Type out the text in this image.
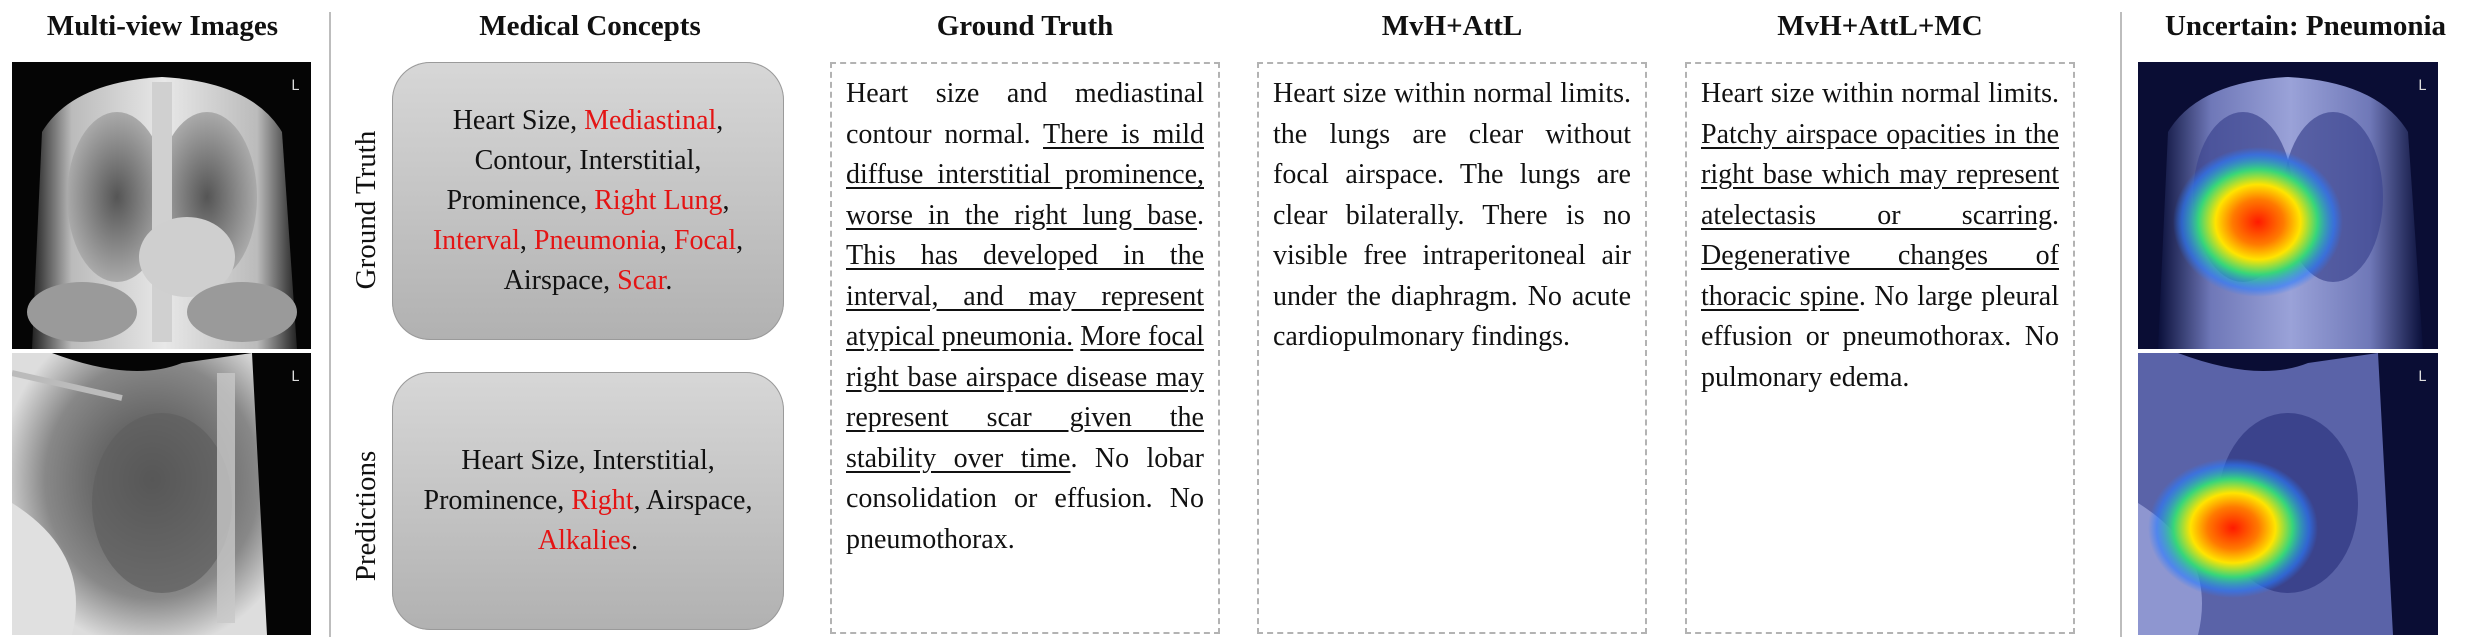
Multi-view Images	Medical Concepts	Ground Truth	MvH+AttL	MvH+AttL+MC	Uncertain: Pneumonia
L
L
Ground Truth
Predictions
Heart Size, Mediastinal, Contour, Interstitial, Prominence, Right Lung, Interval, Pneumonia, Focal, Airspace, Scar.
Heart Size, Interstitial, Prominence, Right, Airspace, Alkalies.
Heart size and mediastinal contour normal. There is mild diffuse interstitial prominence, worse in the right lung base. This has developed in the interval, and may represent atypical pneumonia. More focal right base airspace disease may represent scar given the stability over time. No lobar consolidation or effusion. No pneumothorax.
Heart size within normal limits. the lungs are clear without focal airspace. The lungs are clear bilaterally. There is no visible free intraperitoneal air under the diaphragm. No acute cardiopulmonary findings.
Heart size within normal limits. Patchy airspace opacities in the right base which may represent atelectasis or scarring. Degenerative changes of thoracic spine. No large pleural effusion or pneumothorax. No pulmonary edema.
L
L
